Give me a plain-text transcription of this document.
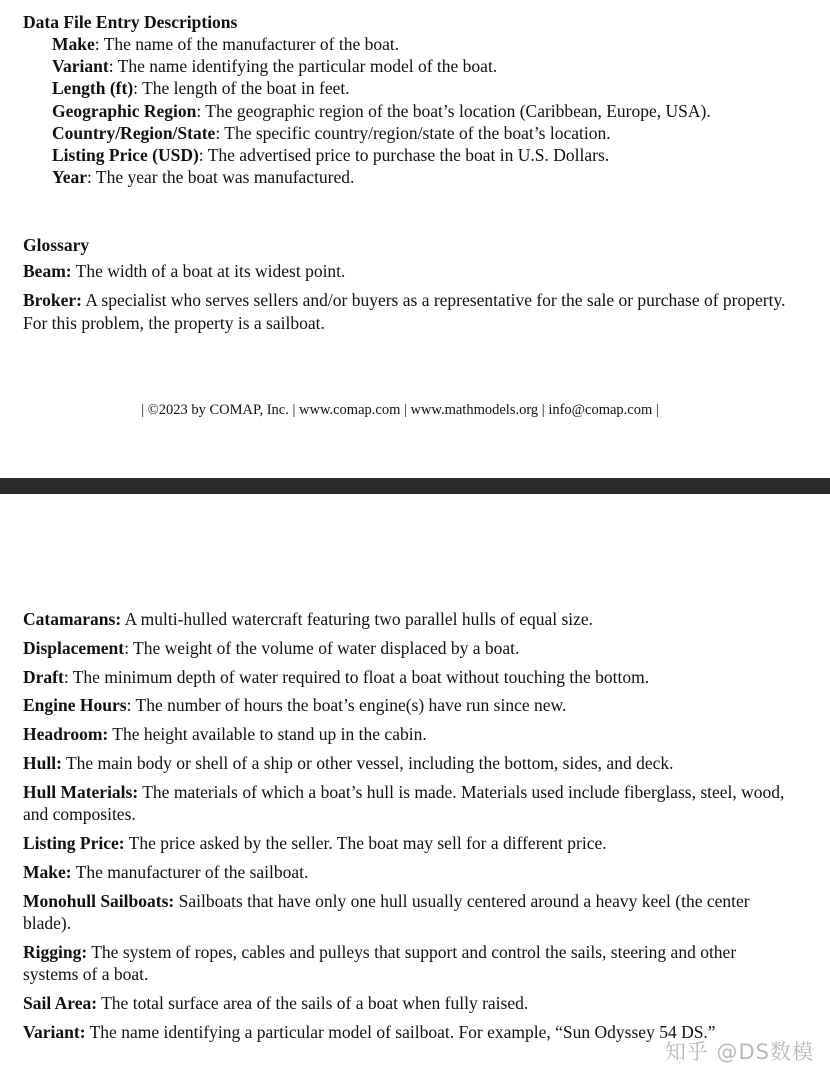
Data File Entry Descriptions
Make: The name of the manufacturer of the boat.
Variant: The name identifying the particular model of the boat.
Length (ft): The length of the boat in feet.
Geographic Region: The geographic region of the boat’s location (Caribbean, Europe, USA).
Country/Region/State: The specific country/region/state of the boat’s location.
Listing Price (USD): The advertised price to purchase the boat in U.S. Dollars.
Year: The year the boat was manufactured.
Glossary
Beam: The width of a boat at its widest point.
Broker: A specialist who serves sellers and/or buyers as a representative for the sale or purchase of property. For this problem, the property is a sailboat.
| ©2023 by COMAP, Inc. | www.comap.com | www.mathmodels.org | info@comap.com |
Catamarans: A multi-hulled watercraft featuring two parallel hulls of equal size.
Displacement: The weight of the volume of water displaced by a boat.
Draft: The minimum depth of water required to float a boat without touching the bottom.
Engine Hours: The number of hours the boat’s engine(s) have run since new.
Headroom: The height available to stand up in the cabin.
Hull: The main body or shell of a ship or other vessel, including the bottom, sides, and deck.
Hull Materials: The materials of which a boat’s hull is made. Materials used include fiberglass, steel, wood, and composites.
Listing Price: The price asked by the seller. The boat may sell for a different price.
Make: The manufacturer of the sailboat.
Monohull Sailboats: Sailboats that have only one hull usually centered around a heavy keel (the center blade).
Rigging: The system of ropes, cables and pulleys that support and control the sails, steering and other systems of a boat.
Sail Area: The total surface area of the sails of a boat when fully raised.
Variant: The name identifying a particular model of sailboat. For example, “Sun Odyssey 54 DS.”
知乎 @DS数模
